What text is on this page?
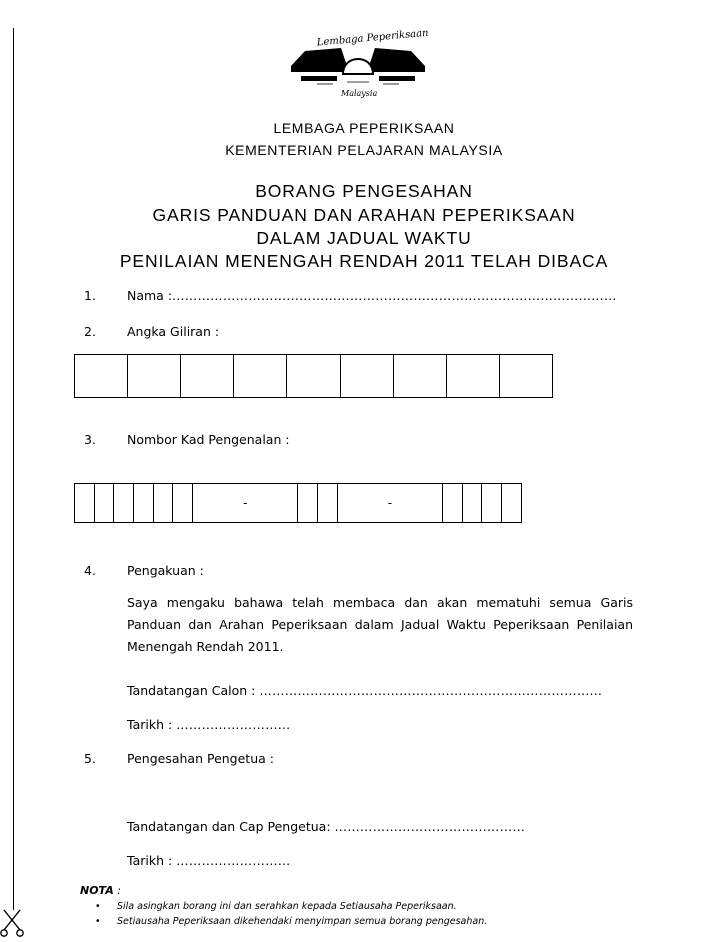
Lembaga Peperiksaan
Malaysia
LEMBAGA PEPERIKSAAN
KEMENTERIAN PELAJARAN MALAYSIA
BORANG PENGESAHAN
GARIS PANDUAN DAN ARAHAN PEPERIKSAAN
DALAM JADUAL WAKTU
PENILAIAN MENENGAH RENDAH 2011 TELAH DIBACA
1. Nama :……………………………………………………………………………………………
2. Angka Giliran :

3. Nombor Kad Pengenalan :
						-			-				
4. Pengakuan :
Saya mengaku bahawa telah membaca dan akan mematuhi semua Garis Panduan dan Arahan Peperiksaan dalam Jadual Waktu Peperiksaan Penilaian Menengah Rendah 2011.
Tandatangan Calon : ……………………………………………………………………...
Tarikh : ……………………...
5. Pengesahan Pengetua :
Tandatangan dan Cap Pengetua: ………………………………………
Tarikh : ………………………
NOTA :
• Sila asingkan borang ini dan serahkan kepada Setiausaha Peperiksaan.
• Setiausaha Peperiksaan dikehendaki menyimpan semua borang pengesahan.
